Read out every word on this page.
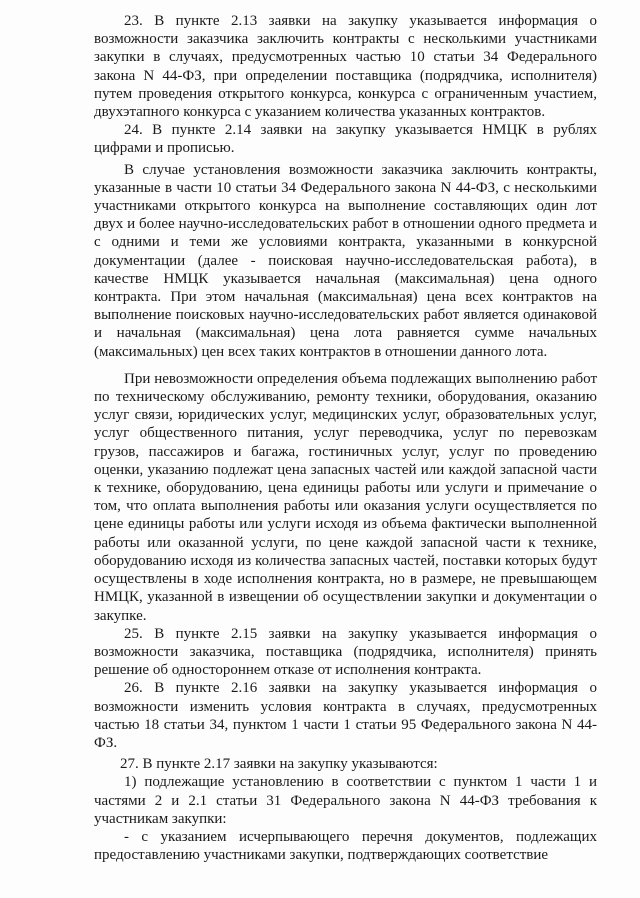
23. В пункте 2.13 заявки на закупку указывается информация о возможности заказчика заключить контракты с несколькими участниками закупки в случаях, предусмотренных частью 10 статьи 34 Федерального закона N 44-ФЗ, при определении поставщика (подрядчика, исполнителя) путем проведения открытого конкурса, конкурса с ограниченным участием, двухэтапного конкурса с указанием количества указанных контрактов.

24. В пункте 2.14 заявки на закупку указывается НМЦК в рублях цифрами и прописью.

В случае установления возможности заказчика заключить контракты, указанные в части 10 статьи 34 Федерального закона N 44-ФЗ, с несколькими участниками открытого конкурса на выполнение составляющих один лот двух и более научно-исследовательских работ в отношении одного предмета и с одними и теми же условиями контракта, указанными в конкурсной документации (далее - поисковая научно-исследовательская работа), в качестве НМЦК указывается начальная (максимальная) цена одного контракта. При этом начальная (максимальная) цена всех контрактов на выполнение поисковых научно-исследовательских работ является одинаковой и начальная (максимальная) цена лота равняется сумме начальных (максимальных) цен всех таких контрактов в отношении данного лота.

При невозможности определения объема подлежащих выполнению работ по техническому обслуживанию, ремонту техники, оборудования, оказанию услуг связи, юридических услуг, медицинских услуг, образовательных услуг, услуг общественного питания, услуг переводчика, услуг по перевозкам грузов, пассажиров и багажа, гостиничных услуг, услуг по проведению оценки, указанию подлежат цена запасных частей или каждой запасной части к технике, оборудованию, цена единицы работы или услуги и примечание о том, что оплата выполнения работы или оказания услуги осуществляется по цене единицы работы или услуги исходя из объема фактически выполненной работы или оказанной услуги, по цене каждой запасной части к технике, оборудованию исходя из количества запасных частей, поставки которых будут осуществлены в ходе исполнения контракта, но в размере, не превышающем НМЦК, указанной в извещении об осуществлении закупки и документации о закупке.

25. В пункте 2.15 заявки на закупку указывается информация о возможности заказчика, поставщика (подрядчика, исполнителя) принять решение об одностороннем отказе от исполнения контракта.

26. В пункте 2.16 заявки на закупку указывается информация о возможности изменить условия контракта в случаях, предусмотренных частью 18 статьи 34, пунктом 1 части 1 статьи 95 Федерального закона N 44-ФЗ.

27. В пункте 2.17 заявки на закупку указываются:

1) подлежащие установлению в соответствии с пунктом 1 части 1 и частями 2 и 2.1 статьи 31 Федерального закона N 44-ФЗ требования к участникам закупки:

- с указанием исчерпывающего перечня документов, подлежащих предоставлению участниками закупки, подтверждающих соответствие
